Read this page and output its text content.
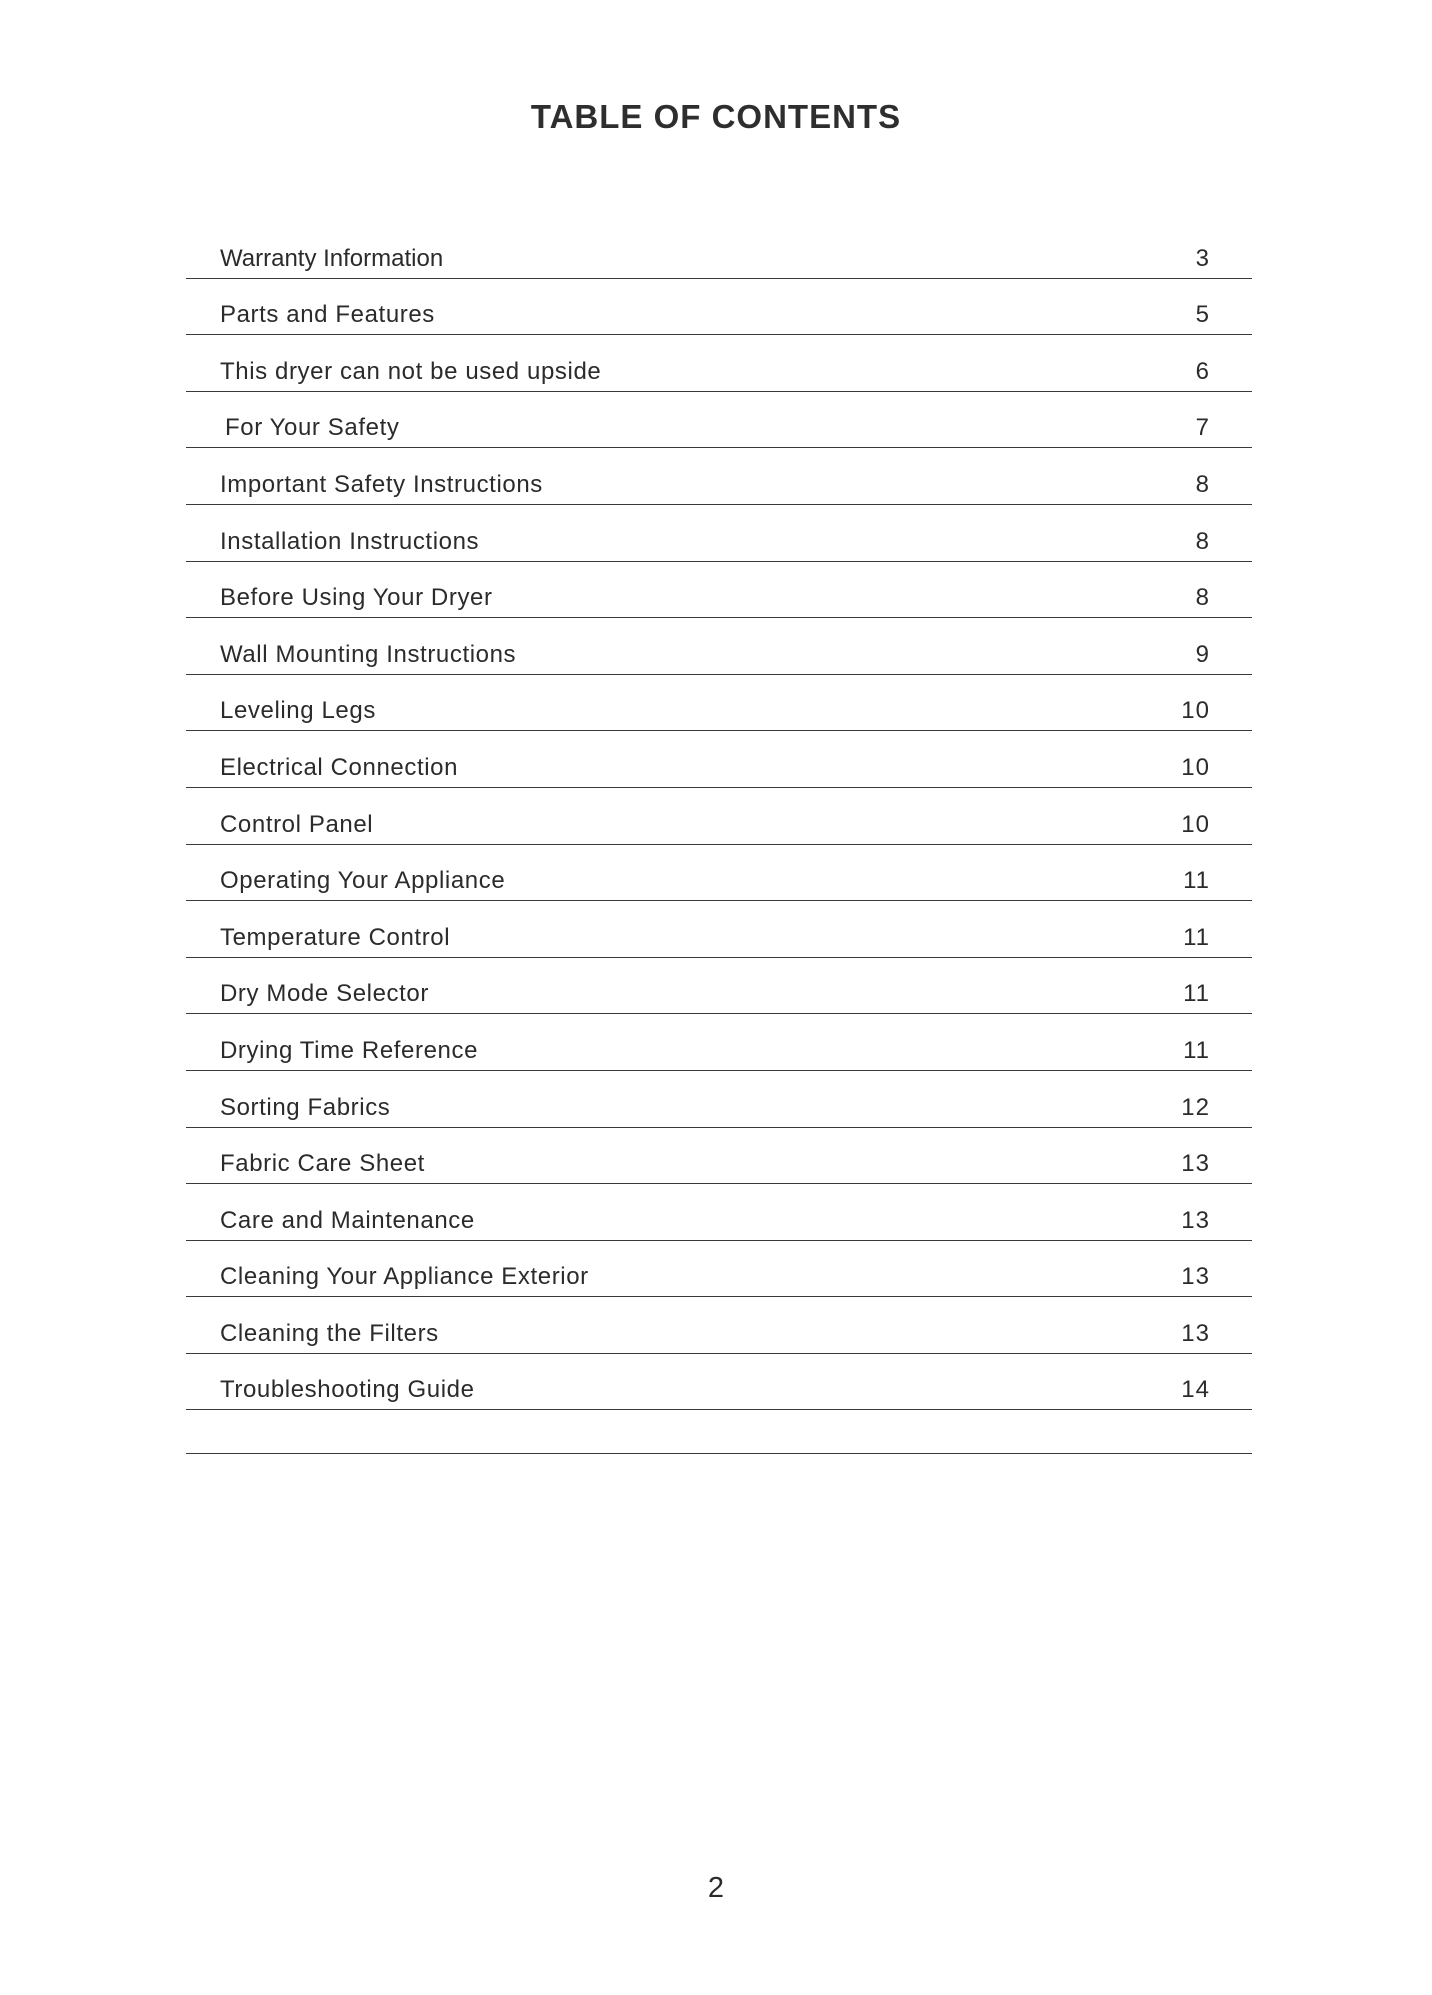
TABLE OF CONTENTS
Warranty Information	3
Parts and Features	5
This dryer can not be used upside	6
For Your Safety	7
Important Safety Instructions	8
Installation Instructions	8
Before Using Your Dryer	8
Wall Mounting Instructions	9
Leveling Legs	10
Electrical Connection	10
Control Panel	10
Operating Your Appliance	11
Temperature Control	11
Dry Mode Selector	11
Drying Time Reference	11
Sorting Fabrics	12
Fabric Care Sheet	13
Care and Maintenance	13
Cleaning Your Appliance Exterior	13
Cleaning the Filters	13
Troubleshooting Guide	14
2
